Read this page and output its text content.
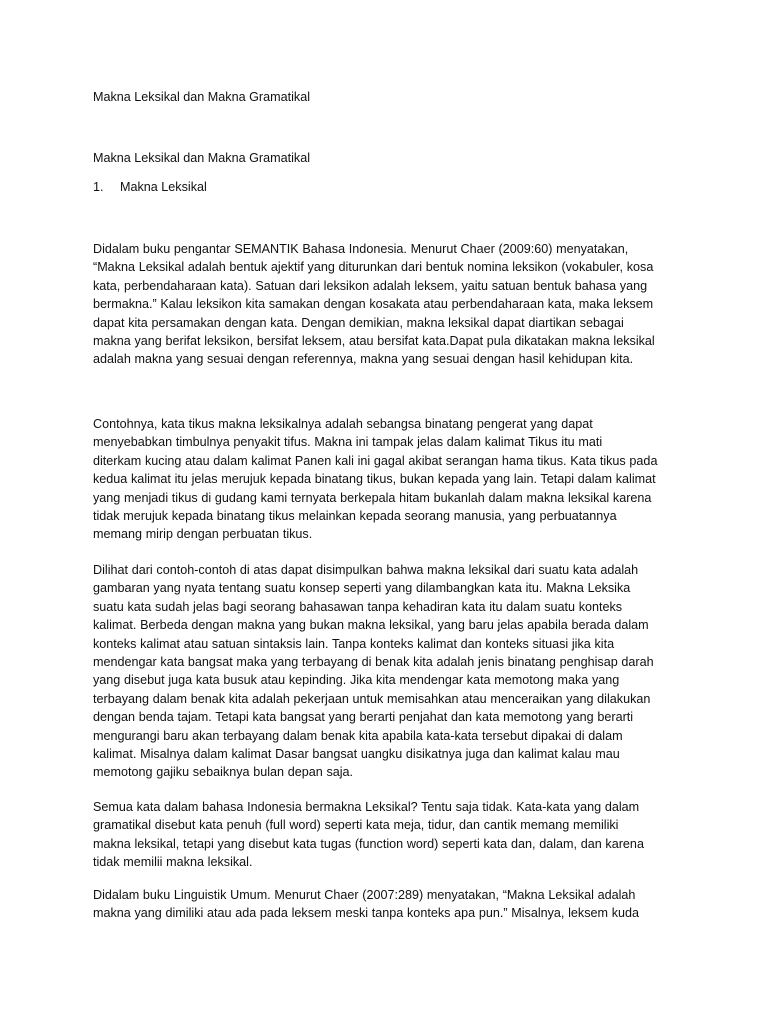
Makna Leksikal dan Makna Gramatikal

Makna Leksikal dan Makna Gramatikal

1. Makna Leksikal

Didalam buku pengantar SEMANTIK Bahasa Indonesia. Menurut Chaer (2009:60) menyatakan,
“Makna Leksikal adalah bentuk ajektif yang diturunkan dari bentuk nomina leksikon (vokabuler, kosa
kata, perbendaharaan kata). Satuan dari leksikon adalah leksem, yaitu satuan bentuk bahasa yang
bermakna.” Kalau leksikon kita samakan dengan kosakata atau perbendaharaan kata, maka leksem
dapat kita persamakan dengan kata. Dengan demikian, makna leksikal dapat diartikan sebagai
makna yang berifat leksikon, bersifat leksem, atau bersifat kata.Dapat pula dikatakan makna leksikal
adalah makna yang sesuai dengan referennya, makna yang sesuai dengan hasil kehidupan kita.

Contohnya, kata tikus makna leksikalnya adalah sebangsa binatang pengerat yang dapat
menyebabkan timbulnya penyakit tifus. Makna ini tampak jelas dalam kalimat Tikus itu mati
diterkam kucing atau dalam kalimat Panen kali ini gagal akibat serangan hama tikus. Kata tikus pada
kedua kalimat itu jelas merujuk kepada binatang tikus, bukan kepada yang lain. Tetapi dalam kalimat
yang menjadi tikus di gudang kami ternyata berkepala hitam bukanlah dalam makna leksikal karena
tidak merujuk kepada binatang tikus melainkan kepada seorang manusia, yang perbuatannya
memang mirip dengan perbuatan tikus.

Dilihat dari contoh-contoh di atas dapat disimpulkan bahwa makna leksikal dari suatu kata adalah
gambaran yang nyata tentang suatu konsep seperti yang dilambangkan kata itu. Makna Leksika
suatu kata sudah jelas bagi seorang bahasawan tanpa kehadiran kata itu dalam suatu konteks
kalimat. Berbeda dengan makna yang bukan makna leksikal, yang baru jelas apabila berada dalam
konteks kalimat atau satuan sintaksis lain. Tanpa konteks kalimat dan konteks situasi jika kita
mendengar kata bangsat maka yang terbayang di benak kita adalah jenis binatang penghisap darah
yang disebut juga kata busuk atau kepinding. Jika kita mendengar kata memotong maka yang
terbayang dalam benak kita adalah pekerjaan untuk memisahkan atau menceraikan yang dilakukan
dengan benda tajam. Tetapi kata bangsat yang berarti penjahat dan kata memotong yang berarti
mengurangi baru akan terbayang dalam benak kita apabila kata-kata tersebut dipakai di dalam
kalimat. Misalnya dalam kalimat Dasar bangsat uangku disikatnya juga dan kalimat kalau mau
memotong gajiku sebaiknya bulan depan saja.

Semua kata dalam bahasa Indonesia bermakna Leksikal? Tentu saja tidak. Kata-kata yang dalam
gramatikal disebut kata penuh (full word) seperti kata meja, tidur, dan cantik memang memiliki
makna leksikal, tetapi yang disebut kata tugas (function word) seperti kata dan, dalam, dan karena
tidak memilii makna leksikal.

Didalam buku Linguistik Umum. Menurut Chaer (2007:289) menyatakan, “Makna Leksikal adalah
makna yang dimiliki atau ada pada leksem meski tanpa konteks apa pun.” Misalnya, leksem kuda
